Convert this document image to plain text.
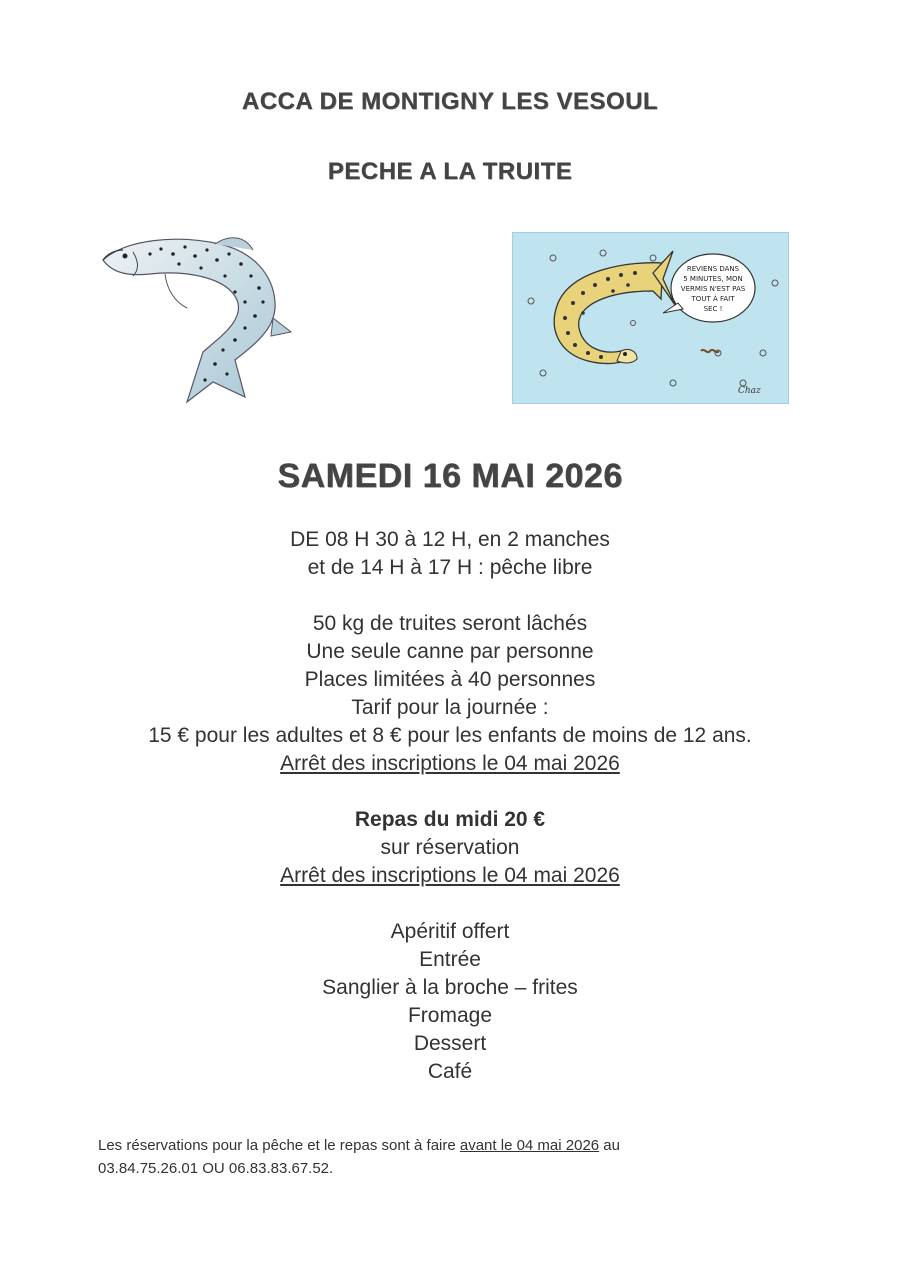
ACCA DE MONTIGNY LES VESOUL
PECHE A LA TRUITE
REVIENS DANS
5 MINUTES, MON
VERMIS N'EST PAS
TOUT À FAIT
SEC !
Chaz
SAMEDI 16 MAI 2026
DE 08 H 30 à 12 H, en 2 manches
et de 14 H à 17 H : pêche libre
50 kg de truites seront lâchés
Une seule canne par personne
Places limitées à 40 personnes
Tarif pour la journée :
15 € pour les adultes et 8 € pour les enfants de moins de 12 ans.
Arrêt des inscriptions le 04 mai 2026
Repas du midi 20 €
sur réservation
Arrêt des inscriptions le 04 mai 2026
Apéritif offert
Entrée
Sanglier à la broche – frites
Fromage
Dessert
Café
Les réservations pour la pêche et le repas sont à faire avant le 04 mai 2026 au
03.84.75.26.01 OU 06.83.83.67.52.
